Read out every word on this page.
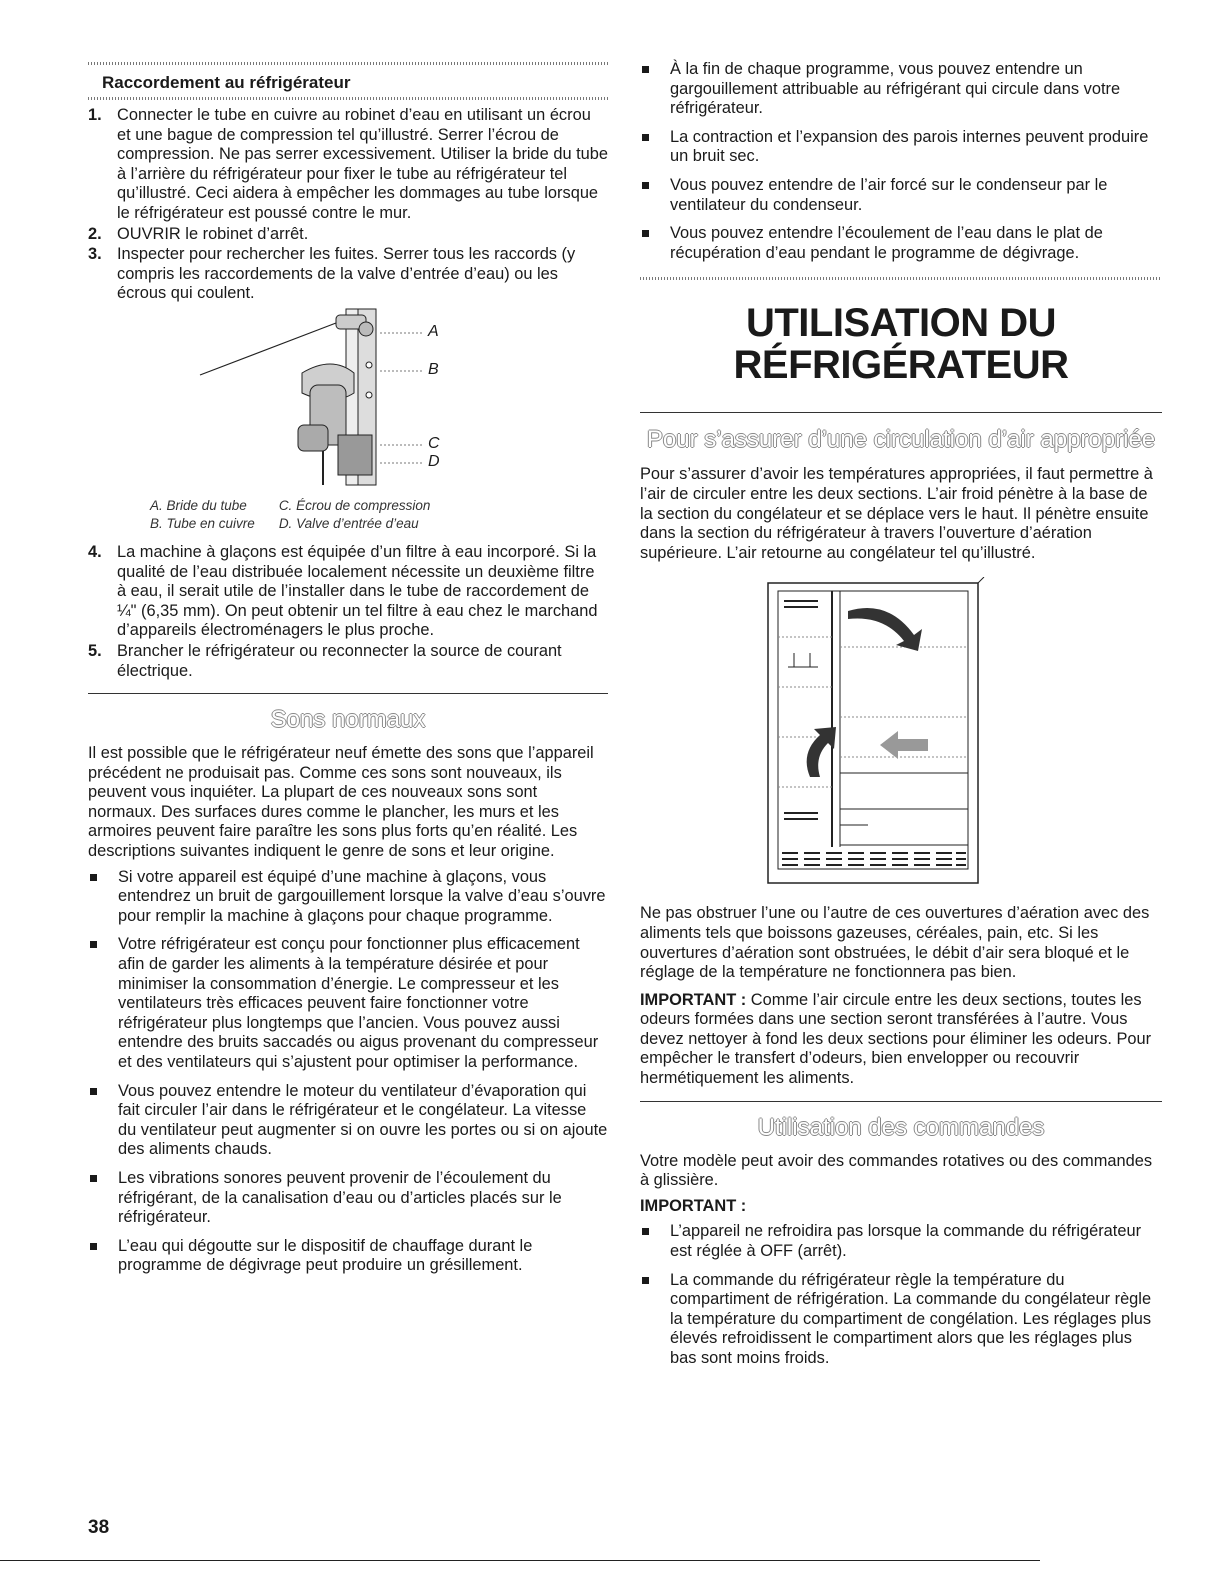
Raccordement au réfrigérateur
1. Connecter le tube en cuivre au robinet d’eau en utilisant un écrou et une bague de compression tel qu’illustré. Serrer l’écrou de compression. Ne pas serrer excessivement. Utiliser la bride du tube à l’arrière du réfrigérateur pour fixer le tube au réfrigérateur tel qu’illustré. Ceci aidera à empêcher les dommages au tube lorsque le réfrigérateur est poussé contre le mur.
2. OUVRIR le robinet d’arrêt.
3. Inspecter pour rechercher les fuites. Serrer tous les raccords (y compris les raccordements de la valve d’entrée d’eau) ou les écrous qui coulent.
A
B
C
D
A. Bride du tube
B. Tube en cuivre
C. Écrou de compression
D. Valve d’entrée d’eau
4. La machine à glaçons est équipée d’un filtre à eau incorporé. Si la qualité de l’eau distribuée localement nécessite un deuxième filtre à eau, il serait utile de l’installer dans le tube de raccordement de ¼" (6,35 mm). On peut obtenir un tel filtre à eau chez le marchand d’appareils électroménagers le plus proche.
5. Brancher le réfrigérateur ou reconnecter la source de courant électrique.
Sons normaux

Il est possible que le réfrigérateur neuf émette des sons que l’appareil précédent ne produisait pas. Comme ces sons sont nouveaux, ils peuvent vous inquiéter. La plupart de ces nouveaux sons sont normaux. Des surfaces dures comme le plancher, les murs et les armoires peuvent faire paraître les sons plus forts qu’en réalité. Les descriptions suivantes indiquent le genre de sons et leur origine.

Si votre appareil est équipé d’une machine à glaçons, vous entendrez un bruit de gargouillement lorsque la valve d’eau s’ouvre pour remplir la machine à glaçons pour chaque programme.
Votre réfrigérateur est conçu pour fonctionner plus efficacement afin de garder les aliments à la température désirée et pour minimiser la consommation d’énergie. Le compresseur et les ventilateurs très efficaces peuvent faire fonctionner votre réfrigérateur plus longtemps que l’ancien. Vous pouvez aussi entendre des bruits saccadés ou aigus provenant du compresseur et des ventilateurs qui s’ajustent pour optimiser la performance.
Vous pouvez entendre le moteur du ventilateur d’évaporation qui fait circuler l’air dans le réfrigérateur et le congélateur. La vitesse du ventilateur peut augmenter si on ouvre les portes ou si on ajoute des aliments chauds.
Les vibrations sonores peuvent provenir de l’écoulement du réfrigérant, de la canalisation d’eau ou d’articles placés sur le réfrigérateur.
L’eau qui dégoutte sur le dispositif de chauffage durant le programme de dégivrage peut produire un grésillement.
À la fin de chaque programme, vous pouvez entendre un gargouillement attribuable au réfrigérant qui circule dans votre réfrigérateur.
La contraction et l’expansion des parois internes peuvent produire un bruit sec.
Vous pouvez entendre de l’air forcé sur le condenseur par le ventilateur du condenseur.
Vous pouvez entendre l’écoulement de l’eau dans le plat de récupération d’eau pendant le programme de dégivrage.
UTILISATION DU
RÉFRIGÉRATEUR
Pour s’assurer d’une circulation d’air appropriée

Pour s’assurer d’avoir les températures appropriées, il faut permettre à l’air de circuler entre les deux sections. L’air froid pénètre à la base de la section du congélateur et se déplace vers le haut. Il pénètre ensuite dans la section du réfrigérateur à travers l’ouverture d’aération supérieure. L’air retourne au congélateur tel qu’illustré.

Ne pas obstruer l’une ou l’autre de ces ouvertures d’aération avec des aliments tels que boissons gazeuses, céréales, pain, etc. Si les ouvertures d’aération sont obstruées, le débit d’air sera bloqué et le réglage de la température ne fonctionnera pas bien.

IMPORTANT : Comme l’air circule entre les deux sections, toutes les odeurs formées dans une section seront transférées à l’autre. Vous devez nettoyer à fond les deux sections pour éliminer les odeurs. Pour empêcher le transfert d’odeurs, bien envelopper ou recouvrir hermétiquement les aliments.

Utilisation des commandes

Votre modèle peut avoir des commandes rotatives ou des commandes à glissière.

IMPORTANT :

L’appareil ne refroidira pas lorsque la commande du réfrigérateur est réglée à OFF (arrêt).
La commande du réfrigérateur règle la température du compartiment de réfrigération. La commande du congélateur règle la température du compartiment de congélation. Les réglages plus élevés refroidissent le compartiment alors que les réglages plus bas sont moins froids.
38
